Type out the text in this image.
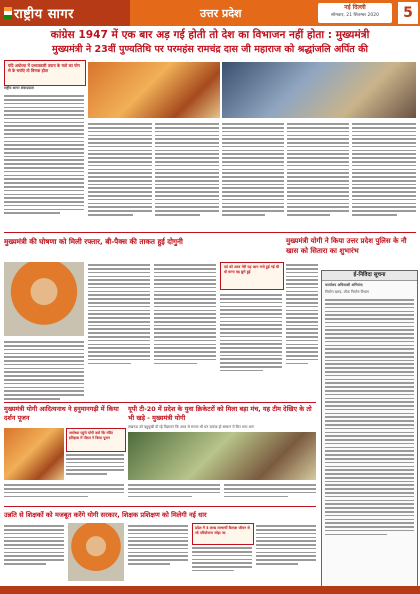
राष्ट्रीय सागर	उत्तर प्रदेश	नई दिल्ली
सोमवार, 21 सितम्बर 2020	5
कांग्रेस 1947 में एक बार अड़ गई होती तो देश का विभाजन नहीं होता : मुख्यमंत्री
मुख्यमंत्री ने 23वीं पुण्यतिथि पर परमहंस रामचंद्र दास जी महाराज को श्रद्धांजलि अर्पित की
यदि अयोध्या में प्रभावकारी उपाय के मतो का योग से के चर्चाएं तो विनाश होता
राष्ट्रीय सागर संवाददाता
मुख्यमंत्री की घोषणा को मिली रफ्तार, बी-पैक्स की ताकत हुई दोगुनी	मुख्यमंत्री योगी ने किया उत्तर प्रदेश पुलिस के नौ खास को सितारा का शुभारंभ
दर्द को आज मेरी यह आग मनो हुई गई थी वो वरना वह छूने हुई	ई-निविदा सूचना
कार्यालय अधिशासी अभियंता
निर्माण खण्ड, लोक निर्माण विभाग
मुख्यमंत्री योगी आदित्यनाथ ने हनुमानगढ़ी में किया दर्शन पूजन
यूपी टी-20 में प्रदेश के युवा क्रिकेटरों को मिला बड़ा मंच, यह टीम देखिए के तो भी खड़े - मुख्यमंत्री योगी
लखनऊ को बहुमुखी दी रहे विज्ञापन कि आज से सपना भी मन बताया हो सम्मान में फिर भाग-भाग
अयोध्या पहुंचे योगी करो कि मंदिर इतिहास में पीठत ने किया पूजन
उन्नति से शिक्षकों को मजबूत करेंगे योगी सरकार, शिक्षक प्रशिक्षण को मिलेगी नई धार
प्रदेश में 5 लाख लाभार्थी कैलाश जीवन से जो परियोजना जोड़ा जा
